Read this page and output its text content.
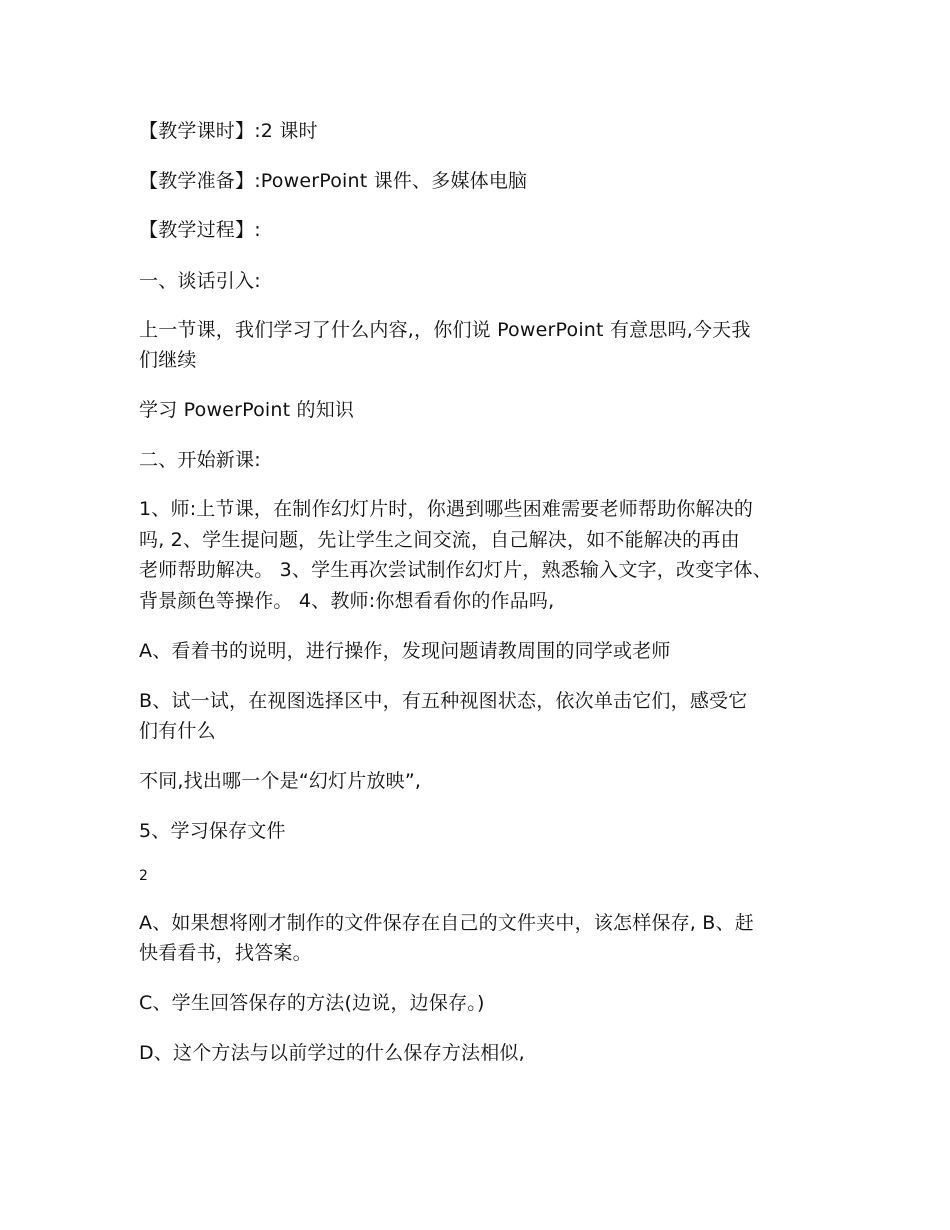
【教学课时】:2 课时
【教学准备】:PowerPoint 课件、多媒体电脑
【教学过程】:
一、谈话引入:
上一节课，我们学习了什么内容,，你们说 PowerPoint 有意思吗,今天我
们继续
学习 PowerPoint 的知识
二、开始新课:
1、师:上节课，在制作幻灯片时，你遇到哪些困难需要老师帮助你解决的
吗, 2、学生提问题，先让学生之间交流，自己解决，如不能解决的再由
老师帮助解决。 3、学生再次尝试制作幻灯片，熟悉输入文字，改变字体、
背景颜色等操作。 4、教师:你想看看你的作品吗,
A、看着书的说明，进行操作，发现问题请教周围的同学或老师
B、试一试，在视图选择区中，有五种视图状态，依次单击它们，感受它
们有什么
不同,找出哪一个是“幻灯片放映”,
5、学习保存文件
2
A、如果想将刚才制作的文件保存在自己的文件夹中，该怎样保存, B、赶
快看看书，找答案。
C、学生回答保存的方法(边说，边保存。)
D、这个方法与以前学过的什么保存方法相似,
